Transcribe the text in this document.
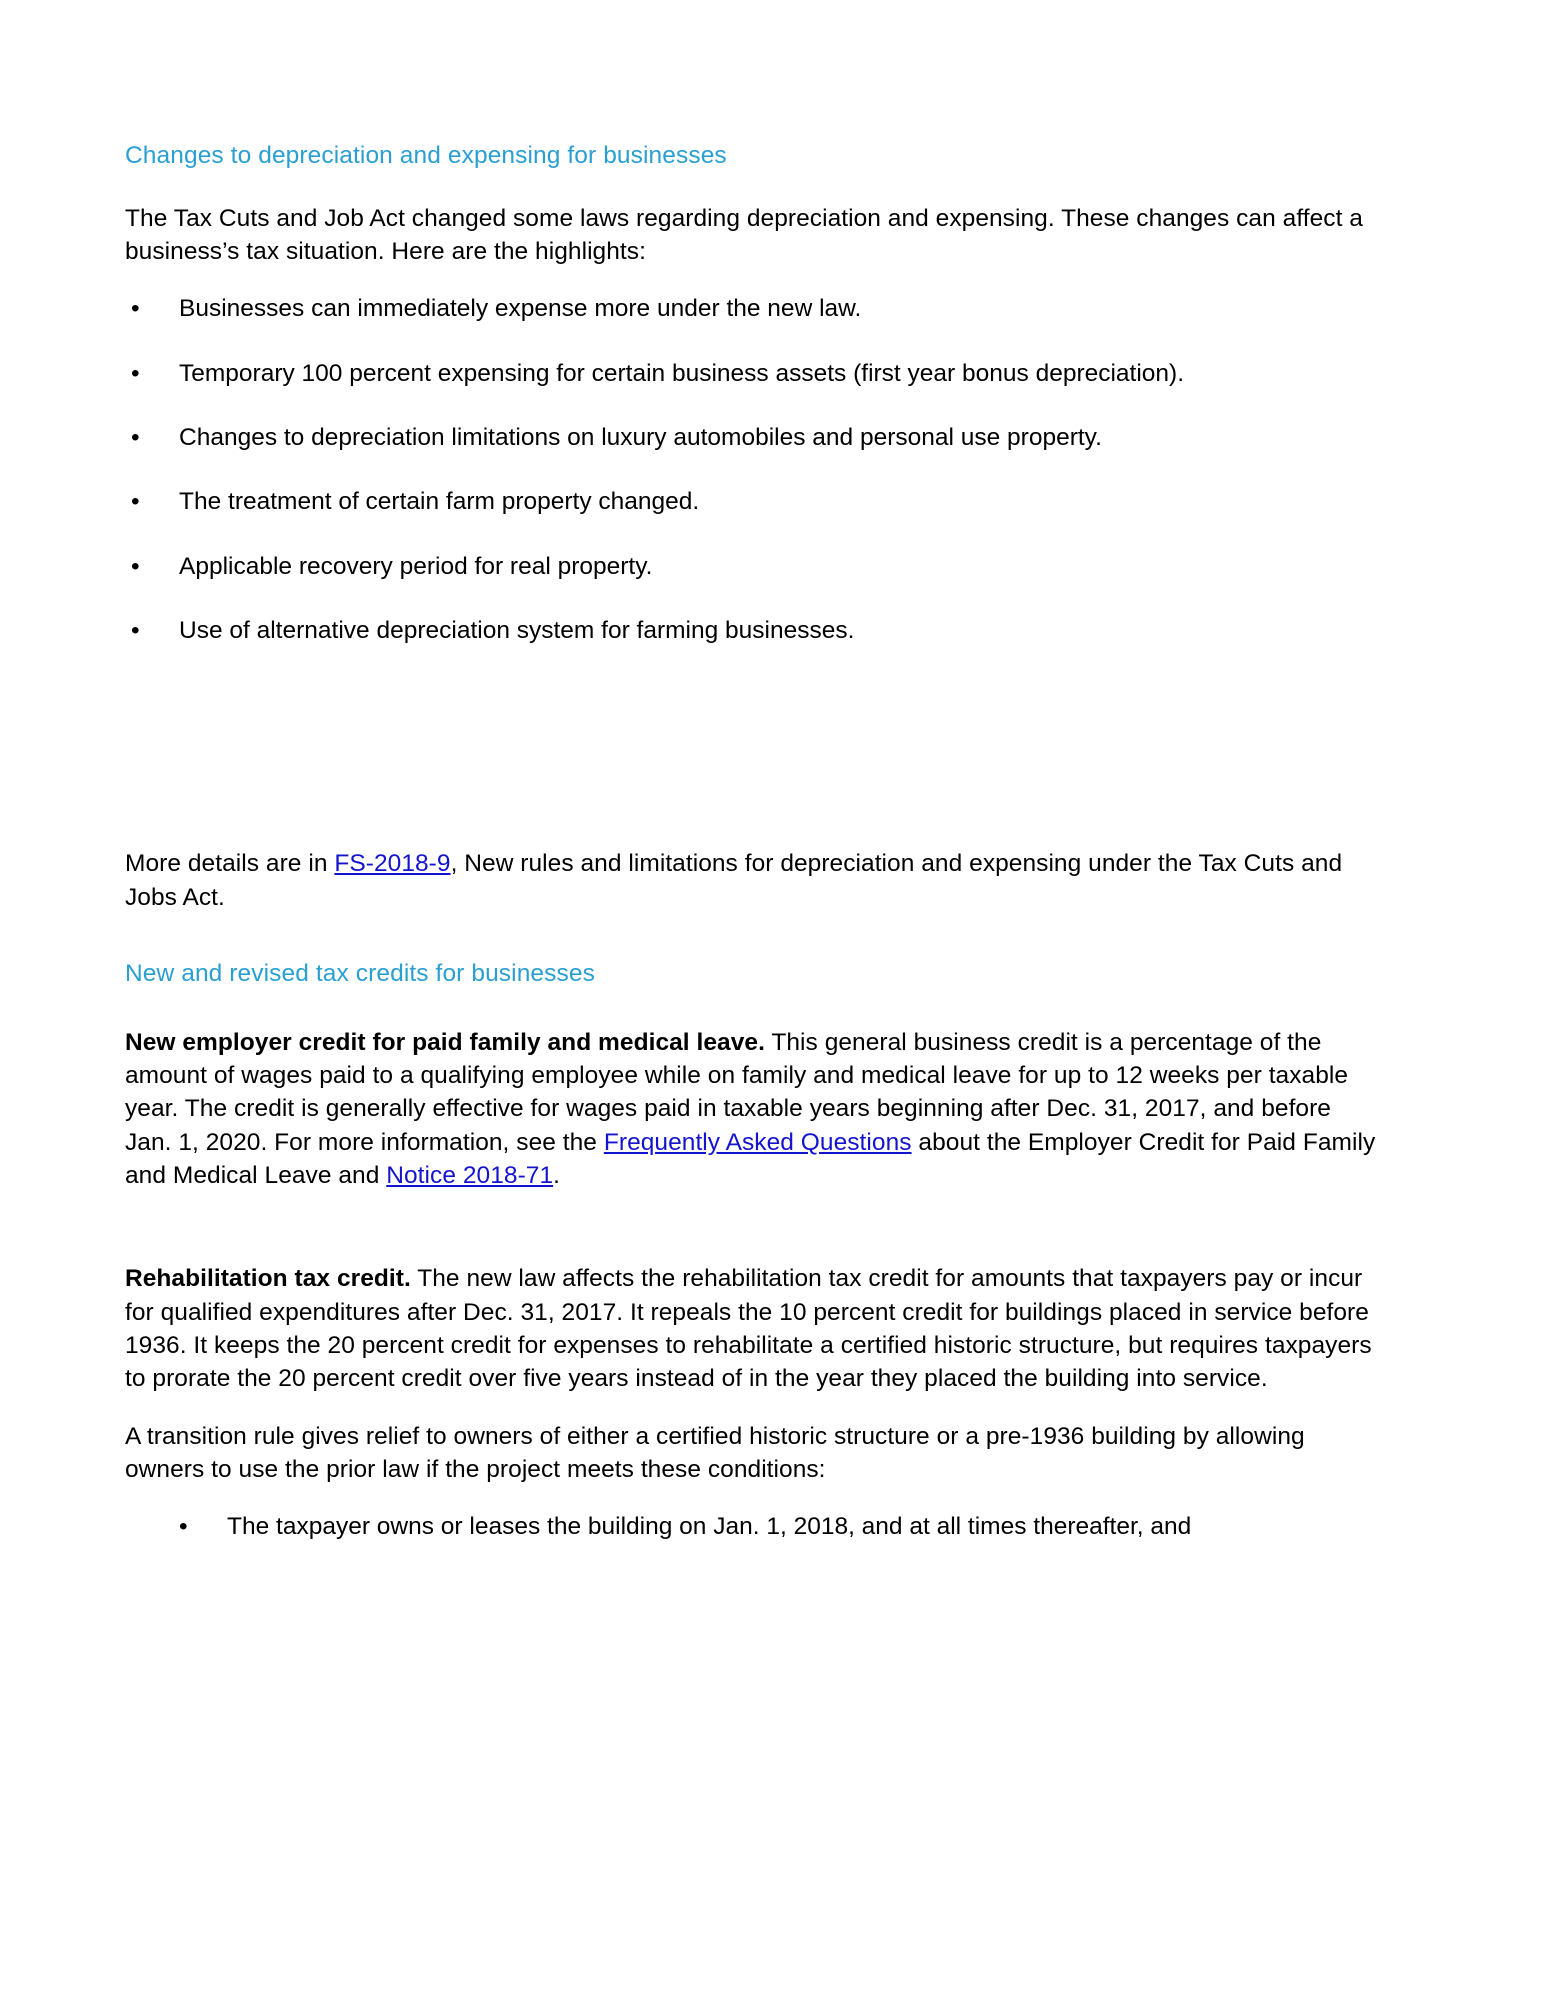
Changes to depreciation and expensing for businesses

The Tax Cuts and Job Act changed some laws regarding depreciation and expensing. These changes can affect a business’s tax situation. Here are the highlights:

• Businesses can immediately expense more under the new law.
• Temporary 100 percent expensing for certain business assets (first year bonus depreciation).
• Changes to depreciation limitations on luxury automobiles and personal use property.
• The treatment of certain farm property changed.
• Applicable recovery period for real property.
• Use of alternative depreciation system for farming businesses.

More details are in FS-2018-9, New rules and limitations for depreciation and expensing under the Tax Cuts and Jobs Act.

New and revised tax credits for businesses

New employer credit for paid family and medical leave. This general business credit is a percentage of the amount of wages paid to a qualifying employee while on family and medical leave for up to 12 weeks per taxable year. The credit is generally effective for wages paid in taxable years beginning after Dec. 31, 2017, and before Jan. 1, 2020. For more information, see the Frequently Asked Questions about the Employer Credit for Paid Family and Medical Leave and Notice 2018-71.

Rehabilitation tax credit. The new law affects the rehabilitation tax credit for amounts that taxpayers pay or incur for qualified expenditures after Dec. 31, 2017. It repeals the 10 percent credit for buildings placed in service before 1936. It keeps the 20 percent credit for expenses to rehabilitate a certified historic structure, but requires taxpayers to prorate the 20 percent credit over five years instead of in the year they placed the building into service.

A transition rule gives relief to owners of either a certified historic structure or a pre-1936 building by allowing owners to use the prior law if the project meets these conditions:

• The taxpayer owns or leases the building on Jan. 1, 2018, and at all times thereafter, and
